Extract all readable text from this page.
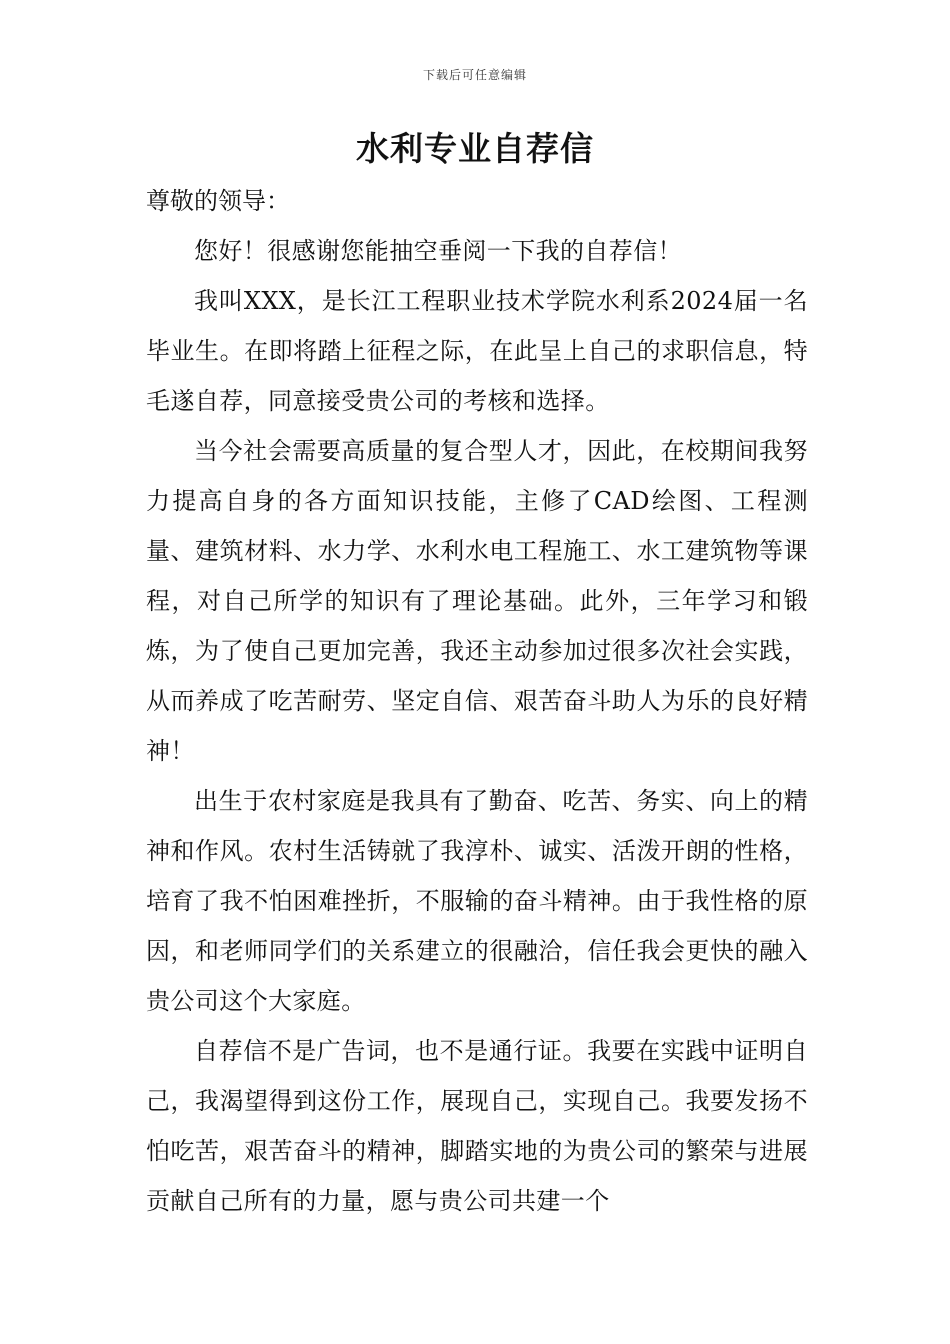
下载后可任意编辑
水利专业自荐信

尊敬的领导：

您好！很感谢您能抽空垂阅一下我的自荐信！

我叫XXX，是长江工程职业技术学院水利系2024届一名毕业生。在即将踏上征程之际，在此呈上自己的求职信息，特毛遂自荐，同意接受贵公司的考核和选择。

当今社会需要高质量的复合型人才，因此，在校期间我努力提高自身的各方面知识技能，主修了CAD绘图、工程测量、建筑材料、水力学、水利水电工程施工、水工建筑物等课程，对自己所学的知识有了理论基础。此外，三年学习和锻炼，为了使自己更加完善，我还主动参加过很多次社会实践，从而养成了吃苦耐劳、坚定自信、艰苦奋斗助人为乐的良好精神！

出生于农村家庭是我具有了勤奋、吃苦、务实、向上的精神和作风。农村生活铸就了我淳朴、诚实、活泼开朗的性格，培育了我不怕困难挫折，不服输的奋斗精神。由于我性格的原因，和老师同学们的关系建立的很融洽，信任我会更快的融入贵公司这个大家庭。

自荐信不是广告词，也不是通行证。我要在实践中证明自己，我渴望得到这份工作，展现自己，实现自己。我要发扬不怕吃苦，艰苦奋斗的精神，脚踏实地的为贵公司的繁荣与进展贡献自己所有的力量，愿与贵公司共建一个
